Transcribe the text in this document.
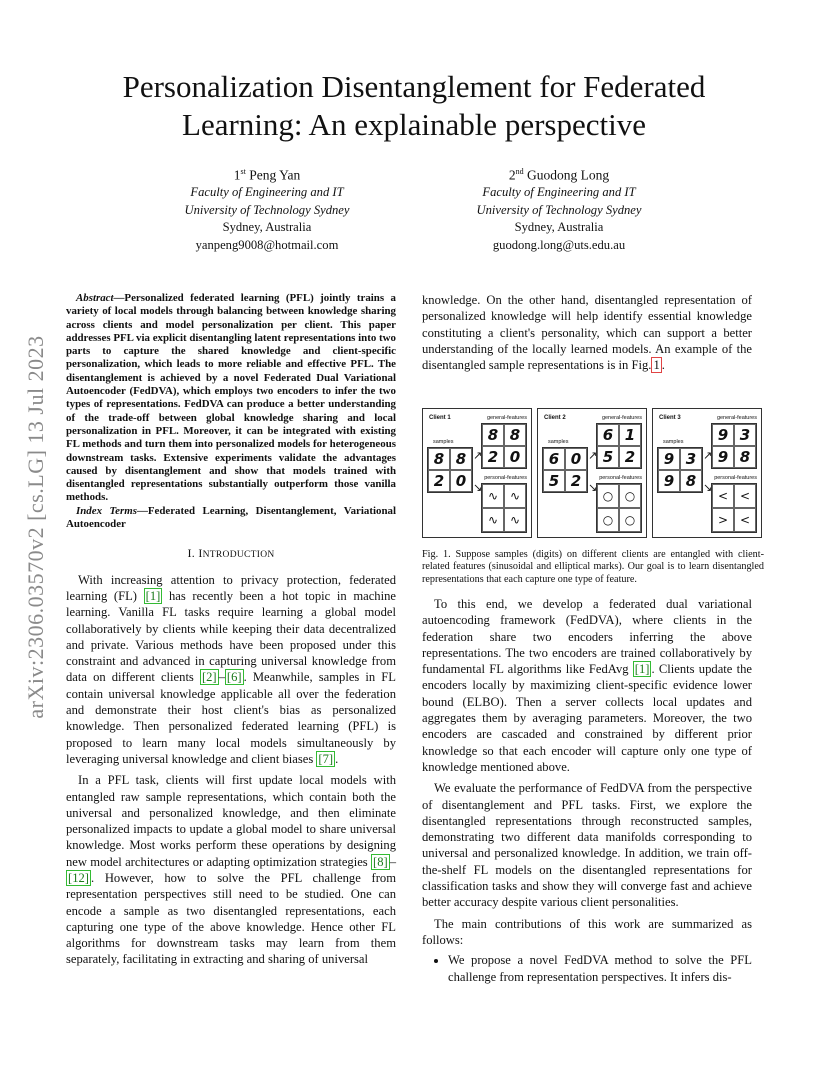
Personalization Disentanglement for Federated Learning: An explainable perspective
1st Peng Yan
Faculty of Engineering and IT
University of Technology Sydney
Sydney, Australia
yanpeng9008@hotmail.com
2nd Guodong Long
Faculty of Engineering and IT
University of Technology Sydney
Sydney, Australia
guodong.long@uts.edu.au
arXiv:2306.03570v2 [cs.LG] 13 Jul 2023

Abstract—Personalized federated learning (PFL) jointly trains a variety of local models through balancing between knowledge sharing across clients and model personalization per client. This paper addresses PFL via explicit disentangling latent representations into two parts to capture the shared knowledge and client-specific personalization, which leads to more reliable and effective PFL. The disentanglement is achieved by a novel Federated Dual Variational Autoencoder (FedDVA), which employs two encoders to infer the two types of representations. FedDVA can produce a better understanding of the trade-off between global knowledge sharing and local personalization in PFL. Moreover, it can be integrated with existing FL methods and turn them into personalized models for heterogeneous downstream tasks. Extensive experiments validate the advantages caused by disentanglement and show that models trained with disentangled representations substantially outperform those vanilla methods.

Index Terms—Federated Learning, Disentanglement, Variational Autoencoder

I. INTRODUCTION

With increasing attention to privacy protection, federated learning (FL) [1] has recently been a hot topic in machine learning. Vanilla FL tasks require learning a global model collaboratively by clients while keeping their data decentralized and private. Various methods have been proposed under this constraint and advanced in capturing universal knowledge from data on different clients [2] – [6] . Meanwhile, samples in FL contain universal knowledge applicable all over the federation and demonstrate their host client's bias as personalized knowledge. Then personalized federated learning (PFL) is proposed to learn many local models simultaneously by leveraging universal knowledge and client biases [7] .

In a PFL task, clients will first update local models with entangled raw sample representations, which contain both the universal and personalized knowledge, and then eliminate personalized impacts to update a global model to share universal knowledge. Most works perform these operations by designing new model architectures or adapting optimization strategies [8] –[12] . However, how to solve the PFL challenge from representation perspectives still need to be studied. One can encode a sample as two disentangled representations, each capturing one type of the above knowledge. Hence other FL algorithms for downstream tasks may learn from them separately, facilitating in extracting and sharing of universal

knowledge. On the other hand, disentangled representation of personalized knowledge will help identify essential knowledge constituting a client's personality, which can support a better understanding of the locally learned models. An example of the disentangled sample representations is in Fig. 1 .

Client 1	general-features
8 8
2 0
samples
8 8
2 0
↗
↘
personal-features
∿ ∿
∿ ∿
Client 2	general-features
6 1
5 2
samples
6 0
5 2
↗
↘
personal-features
○ ○
○ ○
Client 3	general-features
9 3
9 8
samples
9 3
9 8
↗
↘
personal-features
< <
> <
Fig. 1. Suppose samples (digits) on different clients are entangled with client-related features (sinusoidal and elliptical marks). Our goal is to learn disentangled representations that each capture one type of feature.

To this end, we develop a federated dual variational autoencoding framework (FedDVA), where clients in the federation share two encoders inferring the above representations. The two encoders are trained collaboratively by fundamental FL algorithms like FedAvg [1] . Clients update the encoders locally by maximizing client-specific evidence lower bound (ELBO). Then a server collects local updates and aggregates them by averaging parameters. Moreover, the two encoders are cascaded and constrained by different prior knowledge so that each encoder will capture only one type of knowledge mentioned above.

We evaluate the performance of FedDVA from the perspective of disentanglement and PFL tasks. First, we explore the disentangled representations through reconstructed samples, demonstrating two different data manifolds corresponding to universal and personalized knowledge. In addition, we train off-the-shelf FL models on the disentangled representations for classification tasks and show they will converge fast and achieve better accuracy despite various client personalities.

The main contributions of this work are summarized as follows:

• We propose a novel FedDVA method to solve the PFL challenge from representation perspectives. It infers dis-
